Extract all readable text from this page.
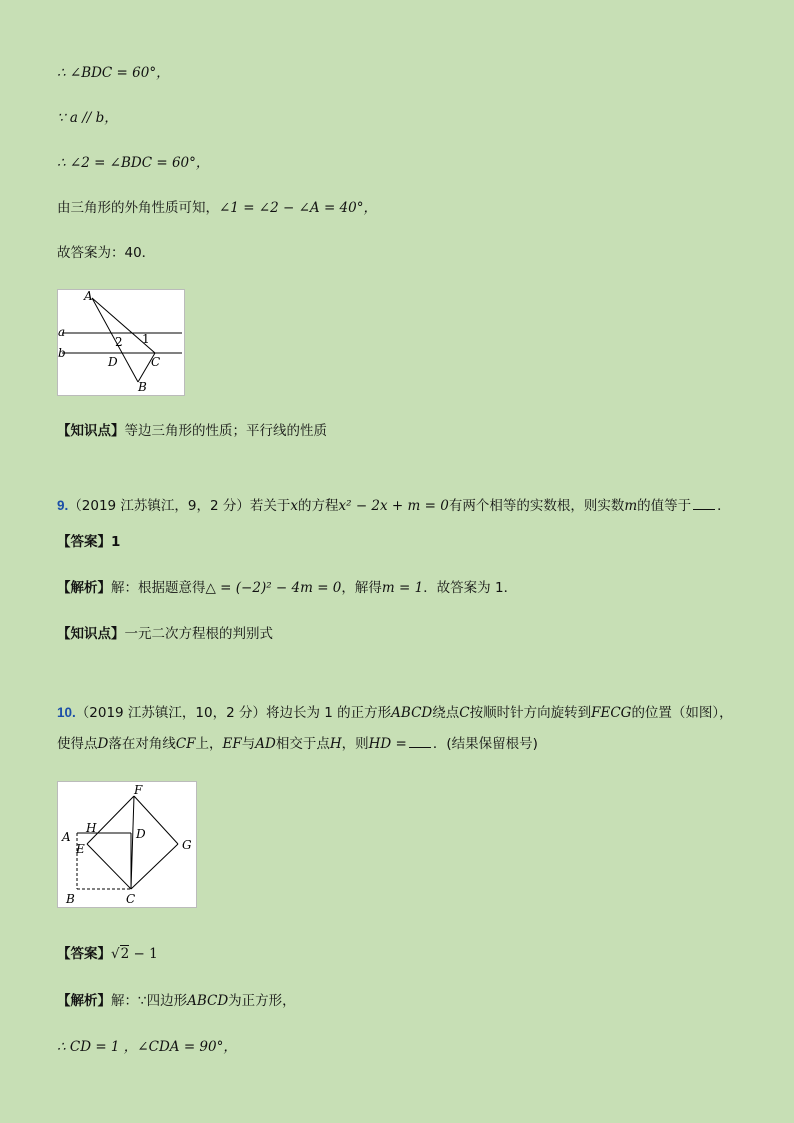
∴ ∠BDC = 60°，
∵ a // b，
∴ ∠2 = ∠BDC = 60°，
由三角形的外角性质可知，∠1 = ∠2 − ∠A = 40°，
故答案为：40．
A
a
2 1
b
D	C
B
【知识点】等边三角形的性质；平行线的性质
9.（2019 江苏镇江，9，2 分）若关于x的方程x² − 2x + m = 0有两个相等的实数根，则实数m的值等于 ．
【答案】1
【解析】解：根据题意得△ = (−2)² − 4m = 0，解得m = 1．故答案为 1．
【知识点】一元二次方程根的判别式
10.（2019 江苏镇江，10，2 分）将边长为 1 的正方形ABCD绕点C按顺时针方向旋转到FECG的位置（如图），
使得点D落在对角线CF上，EF与AD相交于点H，则HD = ．(结果保留根号)
F
A
H	D
E	G
B	C
【答案】√2 − 1
【解析】解：∵四边形ABCD为正方形，
∴ CD = 1 ，∠CDA = 90°，
